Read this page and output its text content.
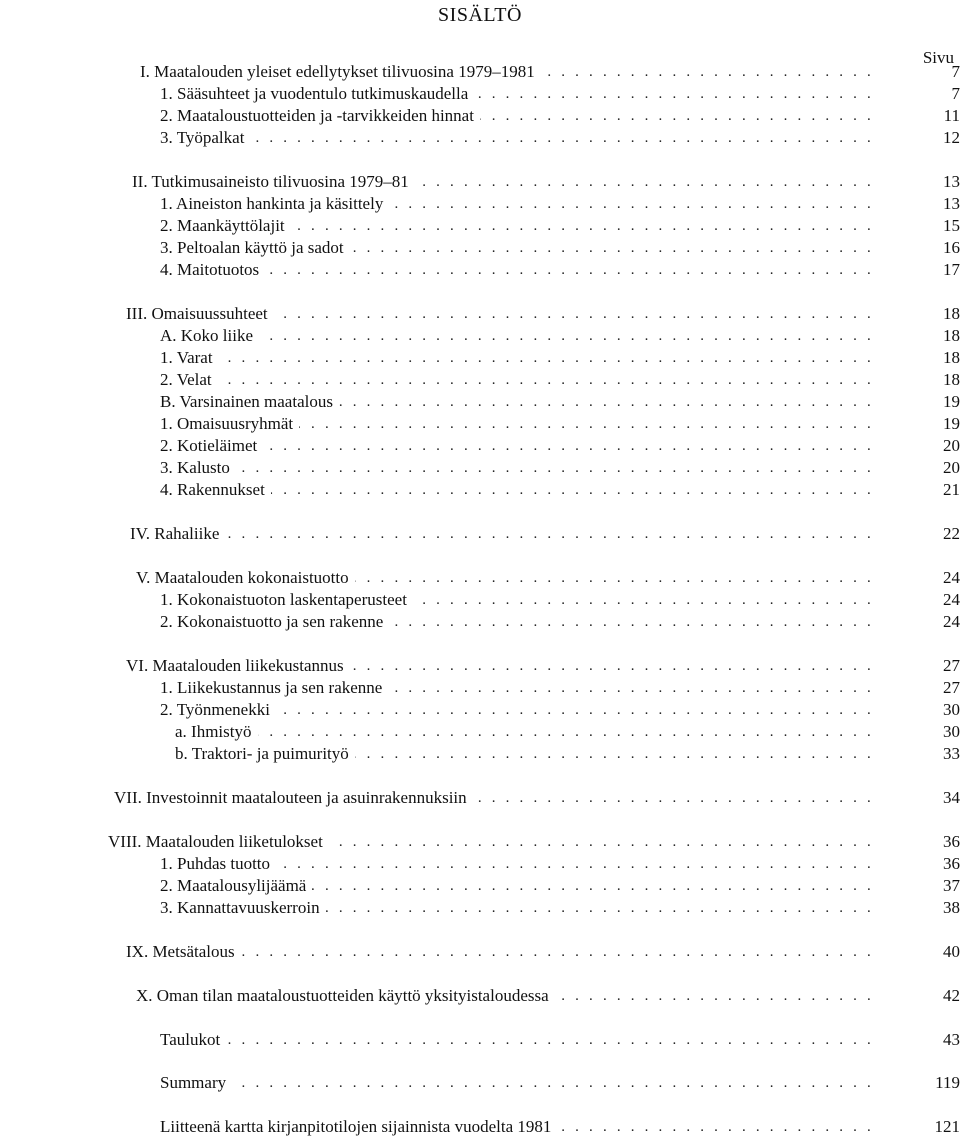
SISÄLTÖ
Sivu
I. Maatalouden yleiset edellytykset tilivuosina 1979–1981 . . .	7
1. Sääsuhteet ja vuodentulo tutkimuskaudella . . .	7
2. Maataloustuotteiden ja -tarvikkeiden hinnat . . .	11
3. Työpalkat . . .	12
II. Tutkimusaineisto tilivuosina 1979–81 . . .	13
1. Aineiston hankinta ja käsittely . . .	13
2. Maankäyttölajit . . .	15
3. Peltoalan käyttö ja sadot . . .	16
4. Maitotuotos . . .	17
III. Omaisuussuhteet . . .	18
A. Koko liike . . .	18
1. Varat . . .	18
2. Velat . . .	18
B. Varsinainen maatalous . . .	19
1. Omaisuusryhmät . . .	19
2. Kotieläimet . . .	20
3. Kalusto . . .	20
4. Rakennukset . . .	21
IV. Rahaliike . . .	22
V. Maatalouden kokonaistuotto . . .	24
1. Kokonaistuoton laskentaperusteet . . .	24
2. Kokonaistuotto ja sen rakenne . . .	24
VI. Maatalouden liikekustannus . . .	27
1. Liikekustannus ja sen rakenne . . .	27
2. Työnmenekki . . .	30
a. Ihmistyö . . .	30
b. Traktori- ja puimurityö . . .	33
VII. Investoinnit maatalouteen ja asuinrakennuksiin . . .	34
VIII. Maatalouden liiketulokset . . .	36
1. Puhdas tuotto . . .	36
2. Maatalousylijäämä . . .	37
3. Kannattavuuskerroin . . .	38
IX. Metsätalous . . .	40
X. Oman tilan maataloustuotteiden käyttö yksityistaloudessa . . .	42
Taulukot . . .	43
Summary . . .	119
Liitteenä kartta kirjanpitotilojen sijainnista vuodelta 1981 . . .	121
